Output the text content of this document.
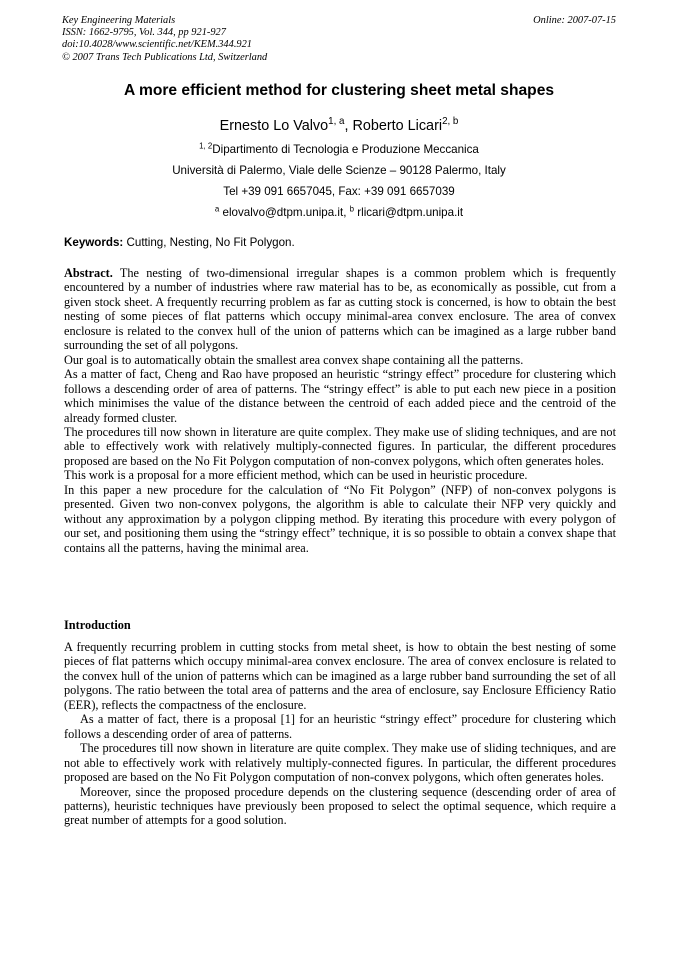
Key Engineering Materials
ISSN: 1662-9795, Vol. 344, pp 921-927
doi:10.4028/www.scientific.net/KEM.344.921
© 2007 Trans Tech Publications Ltd, Switzerland
Online: 2007-07-15
A more efficient method for clustering sheet metal shapes
Ernesto Lo Valvo$^{1, a}$, Roberto Licari$^{2, b}$
$^{1, 2}$Dipartimento di Tecnologia e Produzione Meccanica
Università di Palermo, Viale delle Scienze – 90128 Palermo, Italy
Tel +39 091 6657045, Fax: +39 091 6657039
$^a$ elovalvo@dtpm.unipa.it, $^b$ rlicari@dtpm.unipa.it
Keywords: Cutting, Nesting, No Fit Polygon.

Abstract. The nesting of two-dimensional irregular shapes is a common problem which is frequently encountered by a number of industries where raw material has to be, as economically as possible, cut from a given stock sheet. A frequently recurring problem as far as cutting stock is concerned, is how to obtain the best nesting of some pieces of flat patterns which occupy minimal-area convex enclosure. The area of convex enclosure is related to the convex hull of the union of patterns which can be imagined as a large rubber band surrounding the set of all polygons.

Our goal is to automatically obtain the smallest area convex shape containing all the patterns.

As a matter of fact, Cheng and Rao have proposed an heuristic “stringy effect” procedure for clustering which follows a descending order of area of patterns. The “stringy effect” is able to put each new piece in a position which minimises the value of the distance between the centroid of each added piece and the centroid of the already formed cluster.

The procedures till now shown in literature are quite complex. They make use of sliding techniques, and are not able to effectively work with relatively multiply-connected figures. In particular, the different procedures proposed are based on the No Fit Polygon computation of non-convex polygons, which often generates holes.

This work is a proposal for a more efficient method, which can be used in heuristic procedure.

In this paper a new procedure for the calculation of “No Fit Polygon” (NFP) of non-convex polygons is presented. Given two non-convex polygons, the algorithm is able to calculate their NFP very quickly and without any approximation by a polygon clipping method. By iterating this procedure with every polygon of our set, and positioning them using the “stringy effect” technique, it is so possible to obtain a convex shape that contains all the patterns, having the minimal area.

Introduction

A frequently recurring problem in cutting stocks from metal sheet, is how to obtain the best nesting of some pieces of flat patterns which occupy minimal-area convex enclosure. The area of convex enclosure is related to the convex hull of the union of patterns which can be imagined as a large rubber band surrounding the set of all polygons. The ratio between the total area of patterns and the area of enclosure, say Enclosure Efficiency Ratio (EER), reflects the compactness of the enclosure.

As a matter of fact, there is a proposal [1] for an heuristic “stringy effect” procedure for clustering which follows a descending order of area of patterns.

The procedures till now shown in literature are quite complex. They make use of sliding techniques, and are not able to effectively work with relatively multiply-connected figures. In particular, the different procedures proposed are based on the No Fit Polygon computation of non-convex polygons, which often generates holes.

Moreover, since the proposed procedure depends on the clustering sequence (descending order of area of patterns), heuristic techniques have previously been proposed to select the optimal sequence, which require a great number of attempts for a good solution.
